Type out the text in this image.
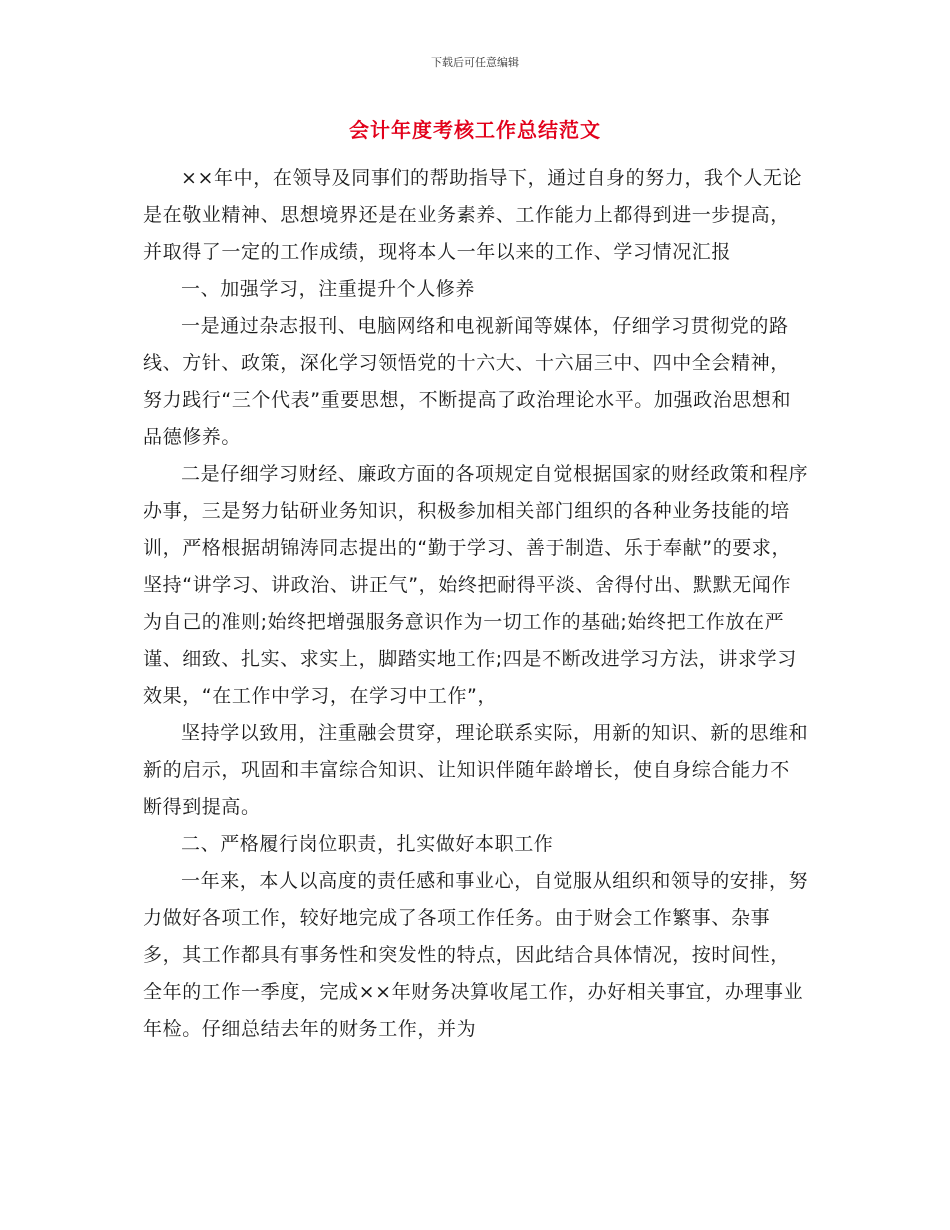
下载后可任意编辑
会计年度考核工作总结范文

××年中，在领导及同事们的帮助指导下，通过自身的努力，我个人无论是在敬业精神、思想境界还是在业务素养、工作能力上都得到进一步提高，并取得了一定的工作成绩，现将本人一年以来的工作、学习情况汇报

一、加强学习，注重提升个人修养

一是通过杂志报刊、电脑网络和电视新闻等媒体，仔细学习贯彻党的路线、方针、政策，深化学习领悟党的十六大、十六届三中、四中全会精神，努力践行“三个代表”重要思想，不断提高了政治理论水平。加强政治思想和品德修养。

二是仔细学习财经、廉政方面的各项规定自觉根据国家的财经政策和程序办事，三是努力钻研业务知识，积极参加相关部门组织的各种业务技能的培训，严格根据胡锦涛同志提出的“勤于学习、善于制造、乐于奉献”的要求，坚持“讲学习、讲政治、讲正气”，始终把耐得平淡、舍得付出、默默无闻作为自己的准则;始终把增强服务意识作为一切工作的基础;始终把工作放在严谨、细致、扎实、求实上，脚踏实地工作;四是不断改进学习方法，讲求学习效果，“在工作中学习，在学习中工作”，

坚持学以致用，注重融会贯穿，理论联系实际，用新的知识、新的思维和新的启示，巩固和丰富综合知识、让知识伴随年龄增长，使自身综合能力不断得到提高。

二、严格履行岗位职责，扎实做好本职工作

一年来，本人以高度的责任感和事业心，自觉服从组织和领导的安排，努力做好各项工作，较好地完成了各项工作任务。由于财会工作繁事、杂事多，其工作都具有事务性和突发性的特点，因此结合具体情况，按时间性，全年的工作一季度，完成××年财务决算收尾工作，办好相关事宜，办理事业年检。仔细总结去年的财务工作，并为
